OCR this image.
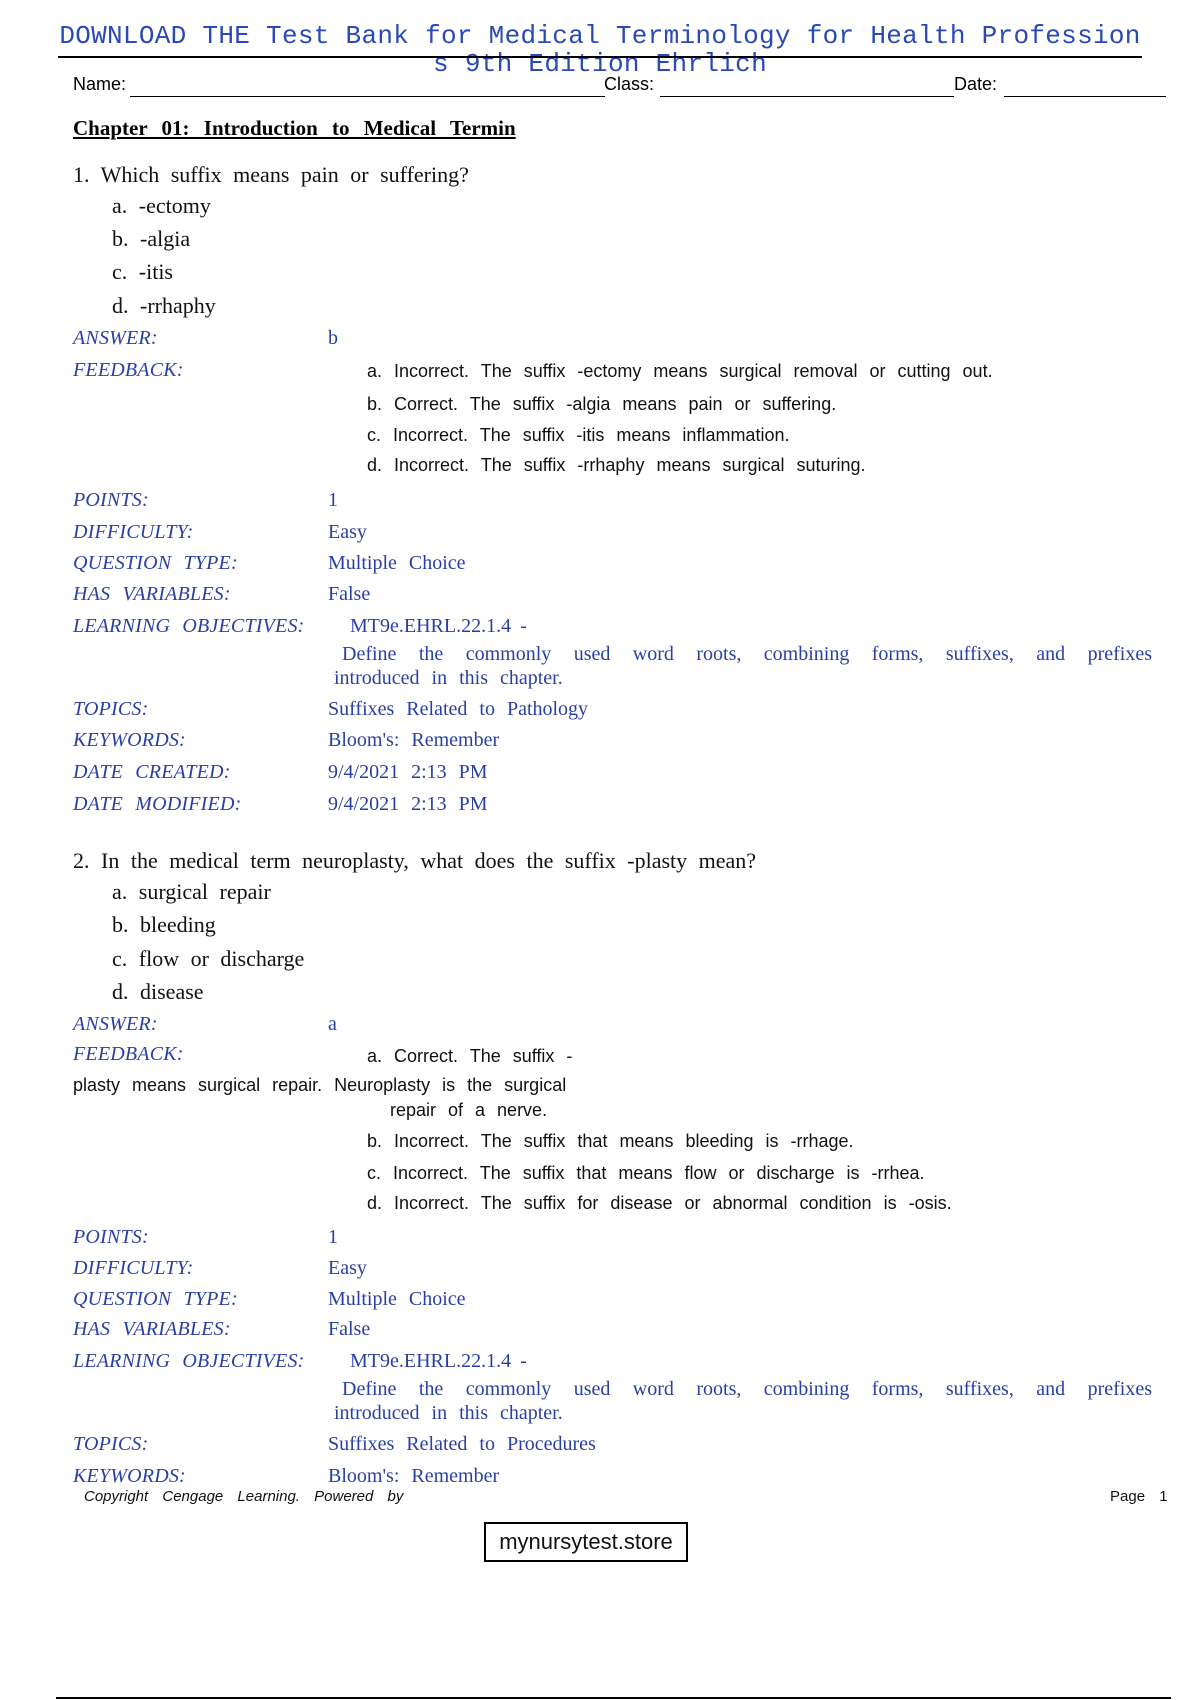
DOWNLOAD THE Test Bank for Medical Terminology for Health Profession
s 9th Edition Ehrlich
Name:	Class:	Date:
Chapter 01: Introduction to Medical Termin
1. Which suffix means pain or suffering?
a. -ectomy
b. -algia
c. -itis
d. -rrhaphy
ANSWER:	b
FEEDBACK:	a. Incorrect. The suffix -ectomy means surgical removal or cutting out.
b. Correct. The suffix -algia means pain or suffering.
c. Incorrect. The suffix -itis means inflammation.
d. Incorrect. The suffix -rrhaphy means surgical suturing.
POINTS:	1
DIFFICULTY:	Easy
QUESTION TYPE:	Multiple Choice
HAS VARIABLES:	False
LEARNING OBJECTIVES: MT9e.EHRL.22.1.4 -
Define the commonly used word roots, combining forms, suffixes, and prefixes
introduced in this chapter.
TOPICS:	Suffixes Related to Pathology
KEYWORDS:	Bloom's: Remember
DATE CREATED:	9/4/2021 2:13 PM
DATE MODIFIED:	9/4/2021 2:13 PM
2. In the medical term neuroplasty, what does the suffix -plasty mean?
a. surgical repair
b. bleeding
c. flow or discharge
d. disease
ANSWER:	a
FEEDBACK:	a. Correct. The suffix -
plasty means surgical repair. Neuroplasty is the surgical
repair of a nerve.
b. Incorrect. The suffix that means bleeding is -rrhage.
c. Incorrect. The suffix that means flow or discharge is -rrhea.
d. Incorrect. The suffix for disease or abnormal condition is -osis.
POINTS:	1
DIFFICULTY:	Easy
QUESTION TYPE:	Multiple Choice
HAS VARIABLES:	False
LEARNING OBJECTIVES: MT9e.EHRL.22.1.4 -
Define the commonly used word roots, combining forms, suffixes, and prefixes
introduced in this chapter.
TOPICS:	Suffixes Related to Procedures
KEYWORDS:	Bloom's: Remember
Copyright Cengage Learning. Powered by	Page 1
mynursytest.store
